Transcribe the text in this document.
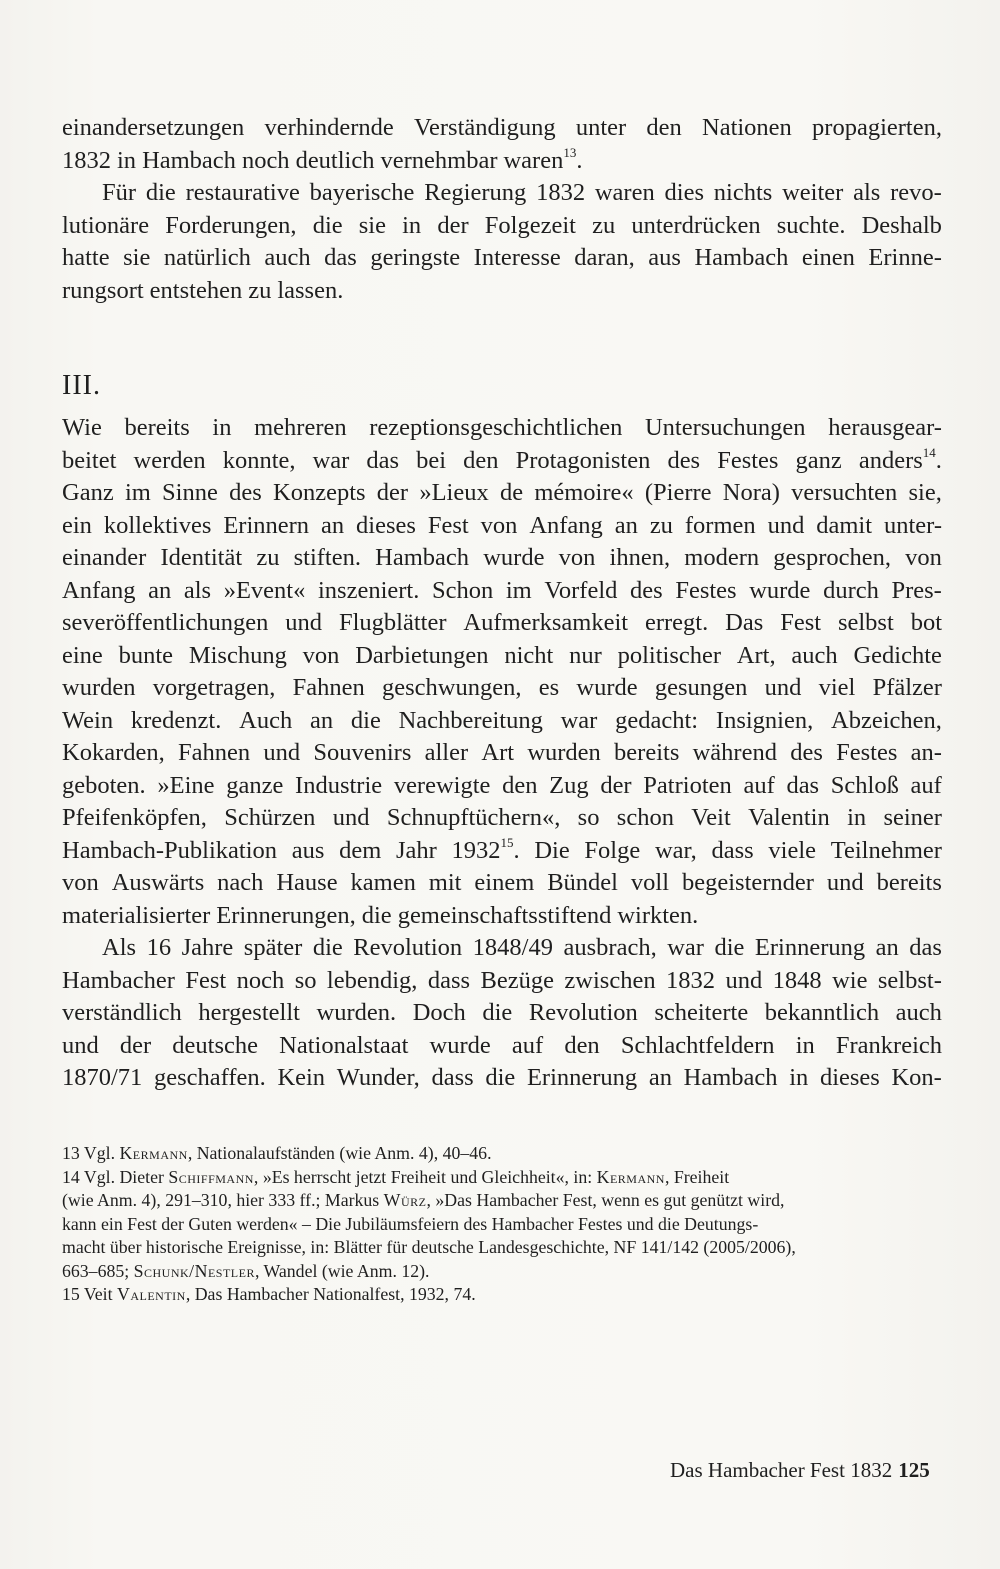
einandersetzungen verhindernde Verständigung unter den Nationen propagierten,
1832 in Hambach noch deutlich vernehmbar waren$^{13}$.
Für die restaurative bayerische Regierung 1832 waren dies nichts weiter als revo-
lutionäre Forderungen, die sie in der Folgezeit zu unterdrücken suchte. Deshalb
hatte sie natürlich auch das geringste Interesse daran, aus Hambach einen Erinne-
rungsort entstehen zu lassen.
III.
Wie bereits in mehreren rezeptionsgeschichtlichen Untersuchungen herausgear-
beitet werden konnte, war das bei den Protagonisten des Festes ganz anders$^{14}$.
Ganz im Sinne des Konzepts der »Lieux de mémoire« (Pierre Nora) versuchten sie,
ein kollektives Erinnern an dieses Fest von Anfang an zu formen und damit unter-
einander Identität zu stiften. Hambach wurde von ihnen, modern gesprochen, von
Anfang an als »Event« inszeniert. Schon im Vorfeld des Festes wurde durch Pres-
severöffentlichungen und Flugblätter Aufmerksamkeit erregt. Das Fest selbst bot
eine bunte Mischung von Darbietungen nicht nur politischer Art, auch Gedichte
wurden vorgetragen, Fahnen geschwungen, es wurde gesungen und viel Pfälzer
Wein kredenzt. Auch an die Nachbereitung war gedacht: Insignien, Abzeichen,
Kokarden, Fahnen und Souvenirs aller Art wurden bereits während des Festes an-
geboten. »Eine ganze Industrie verewigte den Zug der Patrioten auf das Schloß auf
Pfeifenköpfen, Schürzen und Schnupftüchern«, so schon Veit Valentin in seiner
Hambach-Publikation aus dem Jahr 1932$^{15}$. Die Folge war, dass viele Teilnehmer
von Auswärts nach Hause kamen mit einem Bündel voll begeisternder und bereits
materialisierter Erinnerungen, die gemeinschaftsstiftend wirkten.
Als 16 Jahre später die Revolution 1848/49 ausbrach, war die Erinnerung an das
Hambacher Fest noch so lebendig, dass Bezüge zwischen 1832 und 1848 wie selbst-
verständlich hergestellt wurden. Doch die Revolution scheiterte bekanntlich auch
und der deutsche Nationalstaat wurde auf den Schlachtfeldern in Frankreich
1870/71 geschaffen. Kein Wunder, dass die Erinnerung an Hambach in dieses Kon-
13 Vgl. Kermann , Nationalaufständen (wie Anm. 4), 40–46.
14 Vgl. Dieter Schiffmann , »Es herrscht jetzt Freiheit und Gleichheit«, in: Kermann , Freiheit
(wie Anm. 4), 291–310, hier 333 ff.; Markus Würz , »Das Hambacher Fest, wenn es gut genützt wird,
kann ein Fest der Guten werden« – Die Jubiläumsfeiern des Hambacher Festes und die Deutungs-
macht über historische Ereignisse, in: Blätter für deutsche Landesgeschichte, NF 141/142 (2005/2006),
663–685; Schunk/Nestler , Wandel (wie Anm. 12).
15 Veit Valentin , Das Hambacher Nationalfest, 1932, 74.
Das Hambacher Fest 1832 125
